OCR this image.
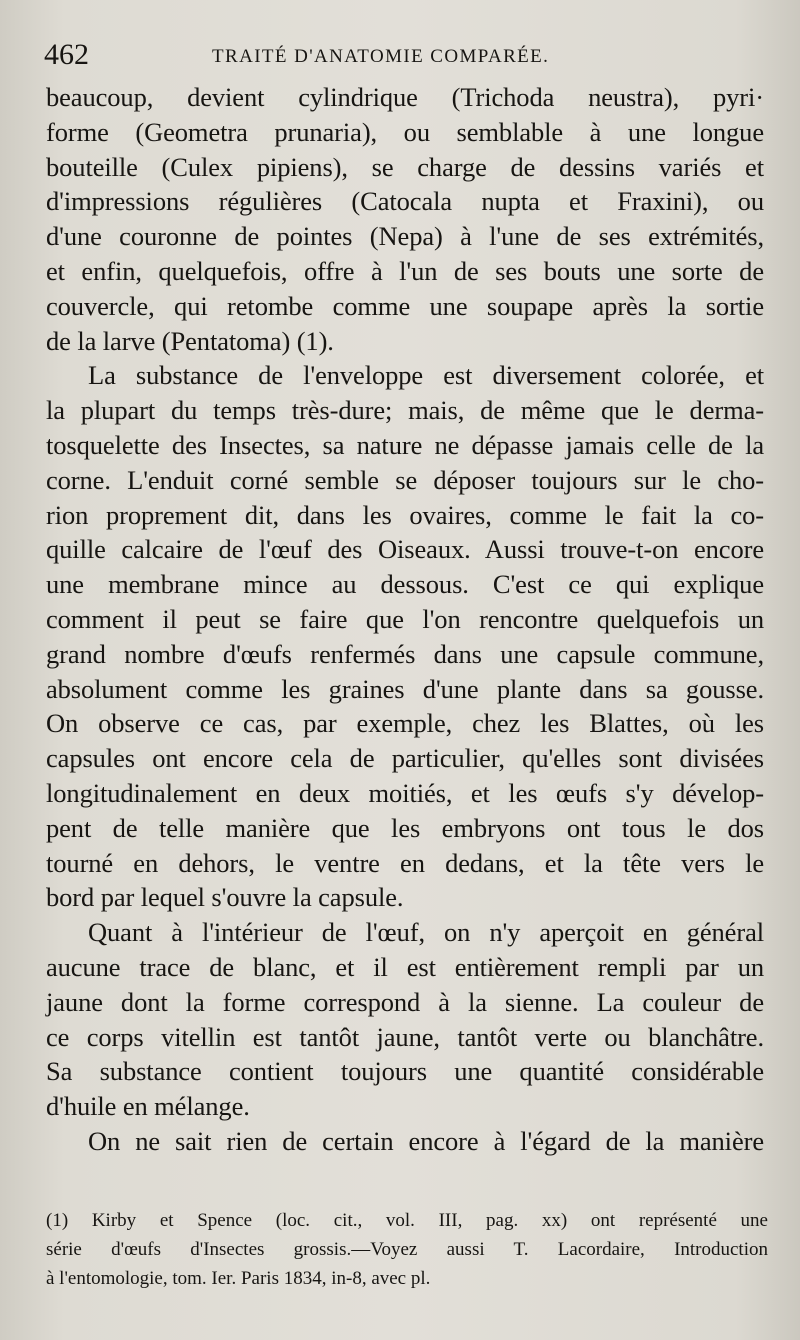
462	TRAITÉ D'ANATOMIE COMPARÉE.
beaucoup, devient cylindrique (Trichoda neustra), pyri·
forme (Geometra prunaria), ou semblable à une longue
bouteille (Culex pipiens), se charge de dessins variés et
d'impressions régulières (Catocala nupta et Fraxini), ou
d'une couronne de pointes (Nepa) à l'une de ses extrémités,
et enfin, quelquefois, offre à l'un de ses bouts une sorte de
couvercle, qui retombe comme une soupape après la sortie
de la larve (Pentatoma) (1).
La substance de l'enveloppe est diversement colorée, et
la plupart du temps très-dure; mais, de même que le derma-
tosquelette des Insectes, sa nature ne dépasse jamais celle de la
corne. L'enduit corné semble se déposer toujours sur le cho-
rion proprement dit, dans les ovaires, comme le fait la co-
quille calcaire de l'œuf des Oiseaux. Aussi trouve-t-on encore
une membrane mince au dessous. C'est ce qui explique
comment il peut se faire que l'on rencontre quelquefois un
grand nombre d'œufs renfermés dans une capsule commune,
absolument comme les graines d'une plante dans sa gousse.
On observe ce cas, par exemple, chez les Blattes, où les
capsules ont encore cela de particulier, qu'elles sont divisées
longitudinalement en deux moitiés, et les œufs s'y dévelop-
pent de telle manière que les embryons ont tous le dos
tourné en dehors, le ventre en dedans, et la tête vers le
bord par lequel s'ouvre la capsule.
Quant à l'intérieur de l'œuf, on n'y aperçoit en général
aucune trace de blanc, et il est entièrement rempli par un
jaune dont la forme correspond à la sienne. La couleur de
ce corps vitellin est tantôt jaune, tantôt verte ou blanchâtre.
Sa substance contient toujours une quantité considérable
d'huile en mélange.
On ne sait rien de certain encore à l'égard de la manière
(1) Kirby et Spence (loc. cit., vol. III, pag. xx) ont représenté une
série d'œufs d'Insectes grossis.—Voyez aussi T. Lacordaire, Introduction
à l'entomologie, tom. Ier. Paris 1834, in-8, avec pl.
